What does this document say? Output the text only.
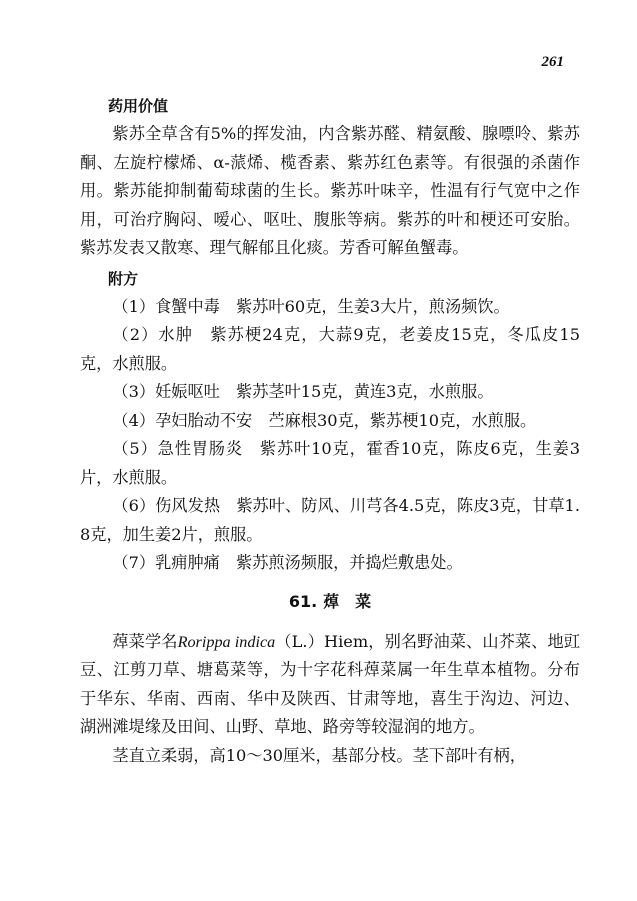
261

药用价值

紫苏全草含有5%的挥发油，内含紫苏醛、精氨酸、腺嘌呤、紫苏酮、左旋柠檬烯、α-蒎烯、榄香素、紫苏红色素等。有很强的杀菌作用。紫苏能抑制葡萄球菌的生长。紫苏叶味辛，性温有行气宽中之作用，可治疗胸闷、嗳心、呕吐、腹胀等病。紫苏的叶和梗还可安胎。紫苏发表又散寒、理气解郁且化痰。芳香可解鱼蟹毒。

附方

（1）食蟹中毒　紫苏叶60克，生姜3大片，煎汤频饮。

（2）水肿　紫苏梗24克，大蒜9克，老姜皮15克，冬瓜皮15克，水煎服。

（3）妊娠呕吐　紫苏茎叶15克，黄连3克，水煎服。

（4）孕妇胎动不安　苎麻根30克，紫苏梗10克，水煎服。

（5）急性胃肠炎　紫苏叶10克，霍香10克，陈皮6克，生姜3片，水煎服。

（6）伤风发热　紫苏叶、防风、川芎各4.5克，陈皮3克，甘草1.8克，加生姜2片，煎服。

（7）乳痈肿痛　紫苏煎汤频服，并捣烂敷患处。

61. 蔊 菜

蔊菜学名Rorippa indica（L.）Hiem，别名野油菜、山芥菜、地豇豆、江剪刀草、塘葛菜等，为十字花科蔊菜属一年生草本植物。分布于华东、华南、西南、华中及陕西、甘肃等地，喜生于沟边、河边、湖洲滩堤缘及田间、山野、草地、路旁等较湿润的地方。

茎直立柔弱，高10～30厘米，基部分枝。茎下部叶有柄，
